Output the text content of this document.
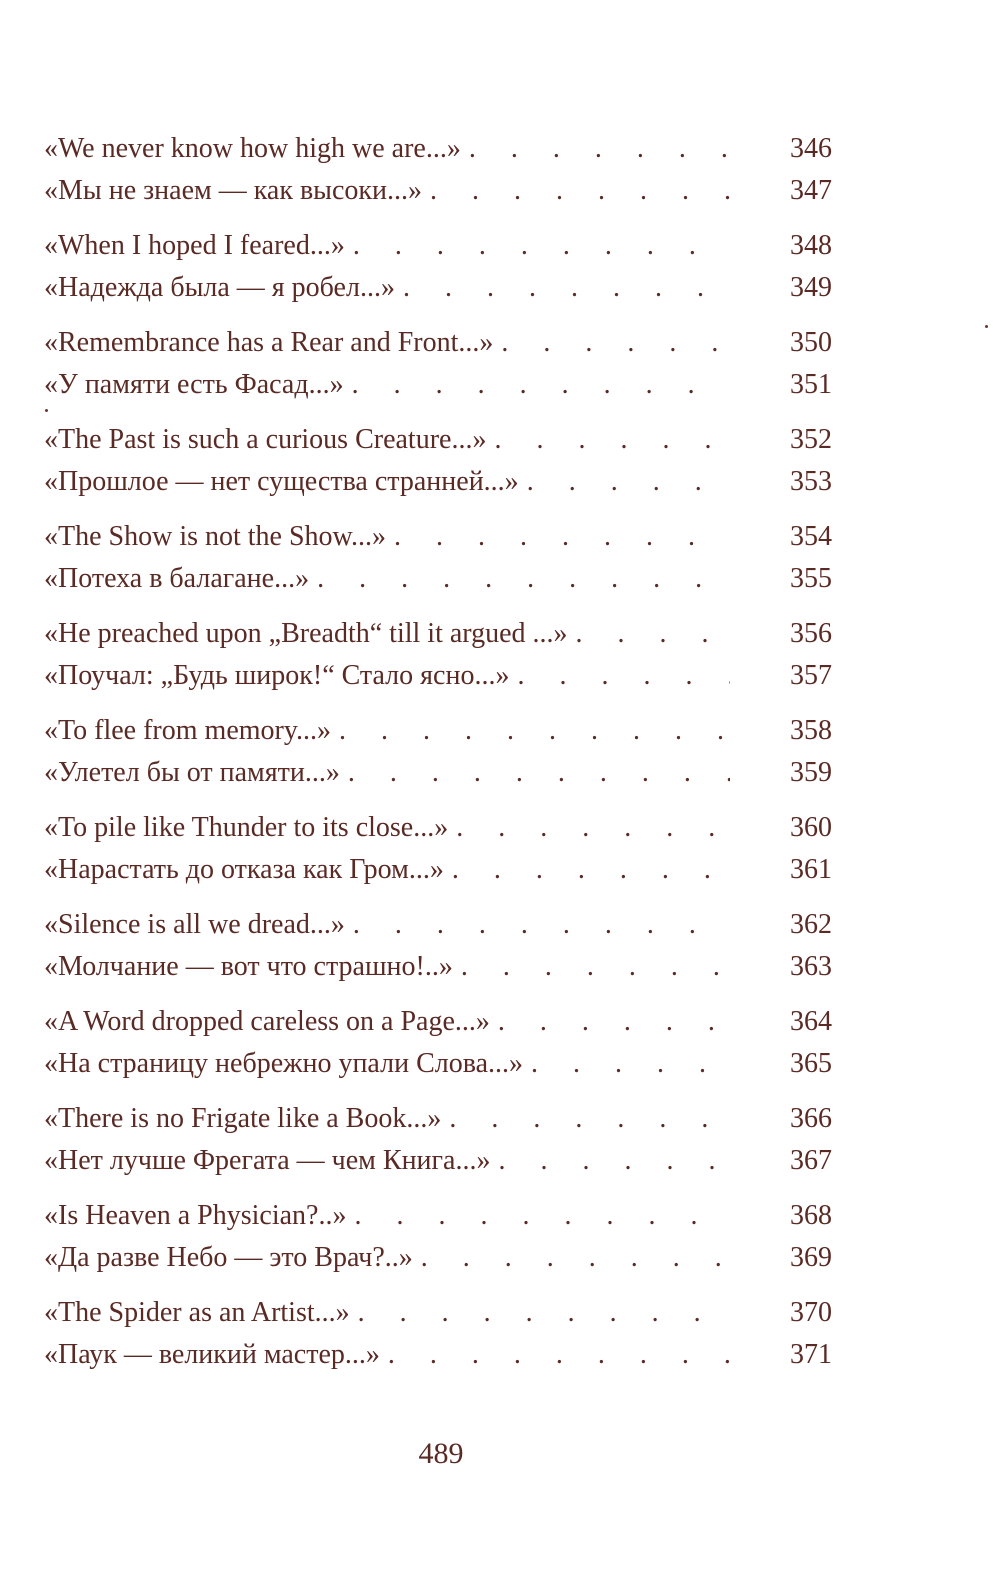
«We never know how high we are...» . . .	346
«Мы не знаем — как высоки...» . . .	347
«When I hoped I feared...» . . .	348
«Надежда была — я робел...» . . .	349
«Remembrance has a Rear and Front...» . . .	350
«У памяти есть Фасад...» . . .	351
«The Past is such a curious Creature...» . . .	352
«Прошлое — нет существа странней...» . . .	353
«The Show is not the Show...» . . .	354
«Потеха в балагане...» . . .	355
«He preached upon „Breadth“ till it argued ...» . . .	356
«Поучал: „Будь широк!“ Стало ясно...» . . .	357
«To flee from memory...» . . .	358
«Улетел бы от памяти...» . . .	359
«To pile like Thunder to its close...» . . .	360
«Нарастать до отказа как Гром...» . . .	361
«Silence is all we dread...» . . .	362
«Молчание — вот что страшно!..» . . .	363
«A Word dropped careless on a Page...» . . .	364
«На страницу небрежно упали Слова...» . . .	365
«There is no Frigate like a Book...» . . .	366
«Нет лучше Фрегата — чем Книга...» . . .	367
«Is Heaven a Physician?..» . . .	368
«Да разве Небо — это Врач?..» . . .	369
«The Spider as an Artist...» . . .	370
«Паук — великий мастер...» . . .	371
489
